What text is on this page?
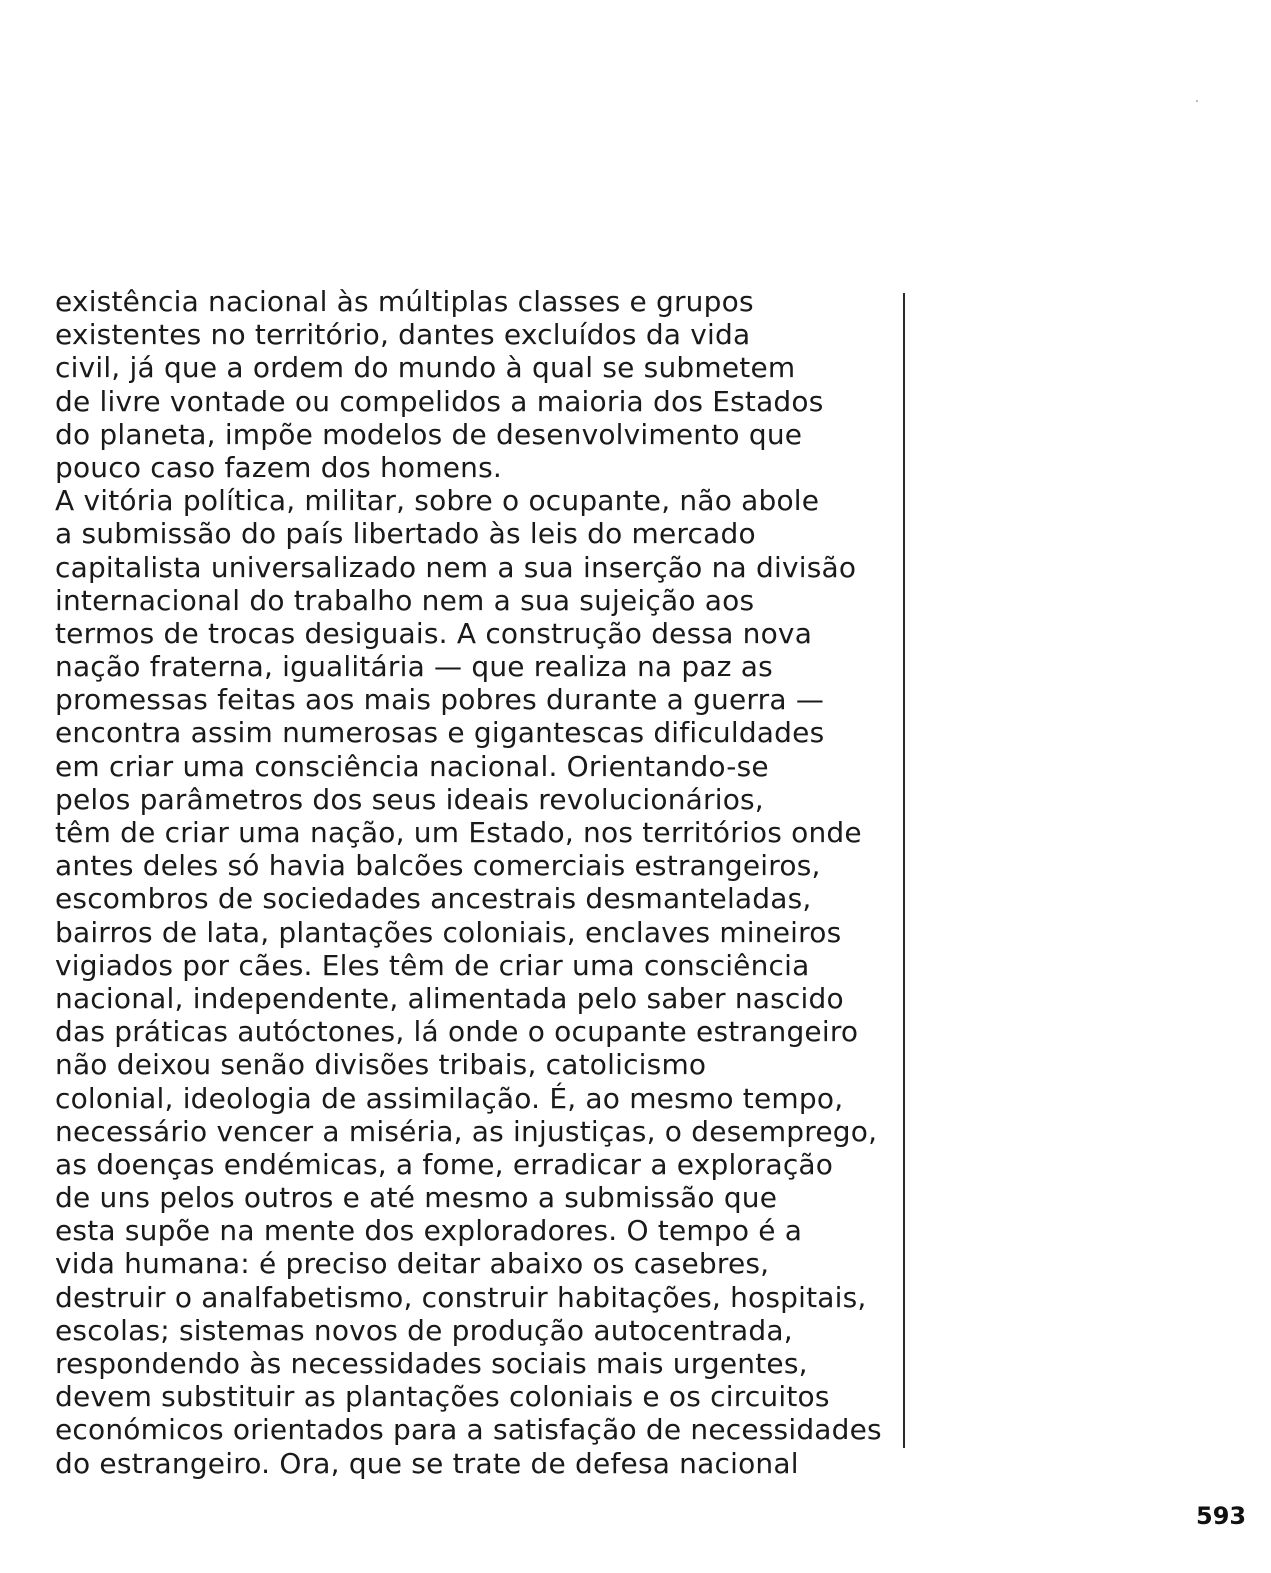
existência nacional às múltiplas classes e grupos
existentes no território, dantes excluídos da vida
civil, já que a ordem do mundo à qual se submetem
de livre vontade ou compelidos a maioria dos Estados
do planeta, impõe modelos de desenvolvimento que
pouco caso fazem dos homens.
A vitória política, militar, sobre o ocupante, não abole
a submissão do país libertado às leis do mercado
capitalista universalizado nem a sua inserção na divisão
internacional do trabalho nem a sua sujeição aos
termos de trocas desiguais. A construção dessa nova
nação fraterna, igualitária — que realiza na paz as
promessas feitas aos mais pobres durante a guerra —
encontra assim numerosas e gigantescas dificuldades
em criar uma consciência nacional. Orientando-se
pelos parâmetros dos seus ideais revolucionários,
têm de criar uma nação, um Estado, nos territórios onde
antes deles só havia balcões comerciais estrangeiros,
escombros de sociedades ancestrais desmanteladas,
bairros de lata, plantações coloniais, enclaves mineiros
vigiados por cães. Eles têm de criar uma consciência
nacional, independente, alimentada pelo saber nascido
das práticas autóctones, lá onde o ocupante estrangeiro
não deixou senão divisões tribais, catolicismo
colonial, ideologia de assimilação. É, ao mesmo tempo,
necessário vencer a miséria, as injustiças, o desemprego,
as doenças endémicas, a fome, erradicar a exploração
de uns pelos outros e até mesmo a submissão que
esta supõe na mente dos exploradores. O tempo é a
vida humana: é preciso deitar abaixo os casebres,
destruir o analfabetismo, construir habitações, hospitais,
escolas; sistemas novos de produção autocentrada,
respondendo às necessidades sociais mais urgentes,
devem substituir as plantações coloniais e os circuitos
económicos orientados para a satisfação de necessidades
do estrangeiro. Ora, que se trate de defesa nacional
593
